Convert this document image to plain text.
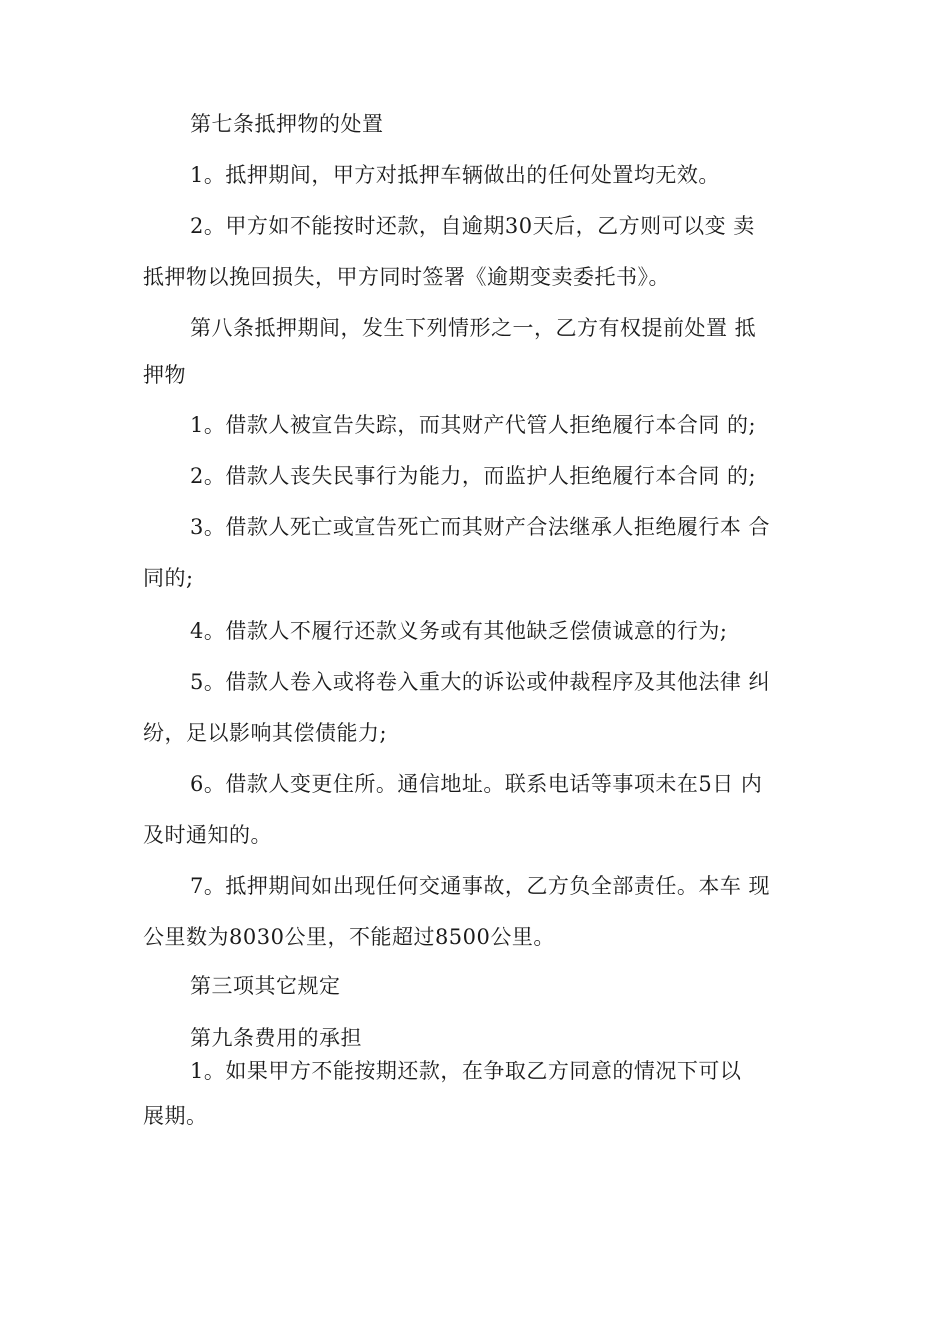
第七条抵押物的处置
1。抵押期间，甲方对抵押车辆做出的任何处置均无效。
2。甲方如不能按时还款，自逾期30天后，乙方则可以变 卖
抵押物以挽回损失，甲方同时签署《逾期变卖委托书》。
第八条抵押期间，发生下列情形之一，乙方有权提前处置 抵
押物
1。借款人被宣告失踪，而其财产代管人拒绝履行本合同 的;
2。借款人丧失民事行为能力，而监护人拒绝履行本合同 的;
3。借款人死亡或宣告死亡而其财产合法继承人拒绝履行本 合
同的;
4。借款人不履行还款义务或有其他缺乏偿债诚意的行为;
5。借款人卷入或将卷入重大的诉讼或仲裁程序及其他法律 纠
纷，足以影响其偿债能力;
6。借款人变更住所。通信地址。联系电话等事项未在5日 内
及时通知的。
7。抵押期间如出现任何交通事故，乙方负全部责任。本车 现
公里数为8030公里，不能超过8500公里。
第三项其它规定
第九条费用的承担
1。如果甲方不能按期还款，在争取乙方同意的情况下可以
展期。
